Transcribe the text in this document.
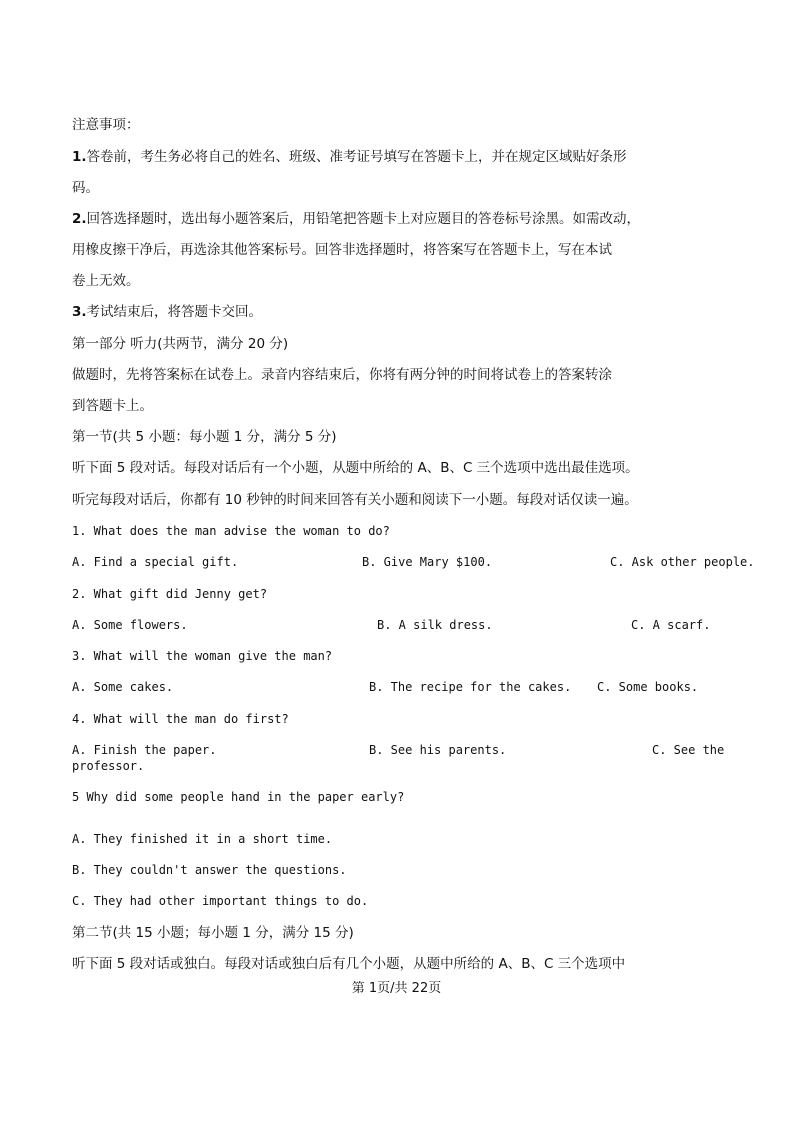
注意事项：
1.答卷前，考生务必将自己的姓名、班级、准考证号填写在答题卡上，并在规定区域贴好条形
码。
2.回答选择题时，选出每小题答案后，用铅笔把答题卡上对应题目的答卷标号涂黑。如需改动，
用橡皮擦干净后，再选涂其他答案标号。回答非选择题时，将答案写在答题卡上，写在本试
卷上无效。
3.考试结束后，将答题卡交回。
第一部分 听力(共两节，满分 20 分)
做题时，先将答案标在试卷上。录音内容结束后，你将有两分钟的时间将试卷上的答案转涂
到答题卡上。
第一节(共 5 小题：每小题 1 分，满分 5 分)
听下面 5 段对话。每段对话后有一个小题，从题中所给的 A、B、C 三个选项中选出最佳选项。
听完每段对话后，你都有 10 秒钟的时间来回答有关小题和阅读下一小题。每段对话仅读一遍。
1. What does the man advise the woman to do?
A. Find a special gift.	B. Give Mary $100.	C. Ask other people.
2. What gift did Jenny get?
A. Some flowers.	B. A silk dress.	C. A scarf.
3. What will the woman give the man?
A. Some cakes.	B. The recipe for the cakes. C. Some books.
4. What will the man do first?
A. Finish the paper.	B. See his parents.	C. See the
professor.
5 Why did some people hand in the paper early?
A. They finished it in a short time.
B. They couldn't answer the questions.
C. They had other important things to do.
第二节(共 15 小题；每小题 1 分，满分 15 分)
听下面 5 段对话或独白。每段对话或独白后有几个小题，从题中所给的 A、B、C 三个选项中
第 1页/共 22页
